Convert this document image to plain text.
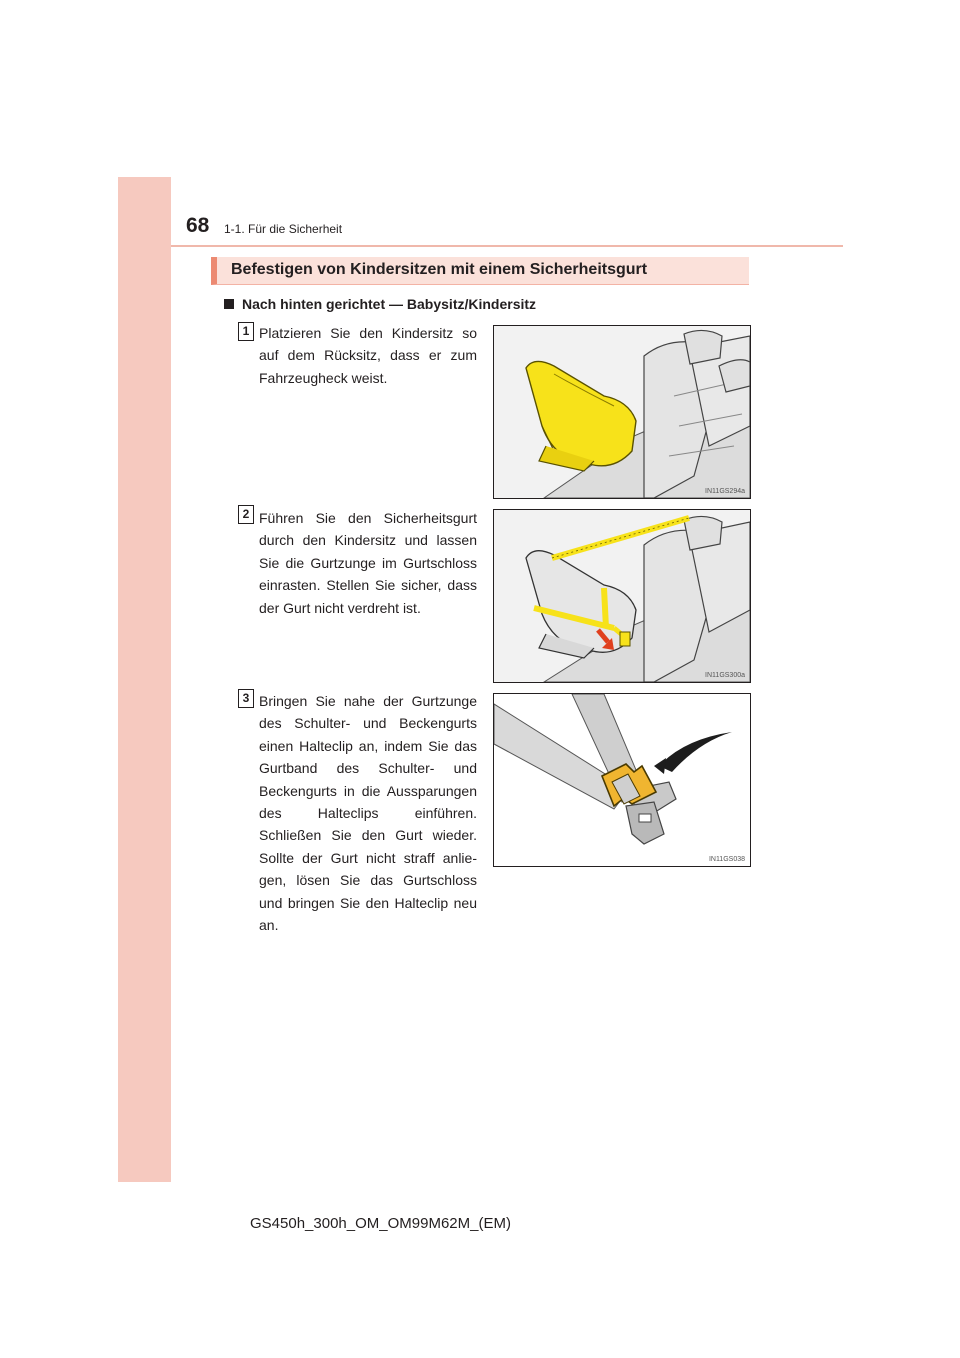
68 1-1. Für die Sicherheit
Befestigen von Kindersitzen mit einem Sicherheitsgurt
Nach hinten gerichtet — Babysitz/Kindersitz
1 Platzieren Sie den Kindersitz so auf dem Rücksitz, dass er zum Fahrzeugheck weist.
IN11GS294a
2 Führen Sie den Sicherheitsgurt durch den Kindersitz und lassen Sie die Gurtzunge im Gurtschloss einrasten. Stellen Sie sicher, dass der Gurt nicht verdreht ist.
IN11GS300a
3 Bringen Sie nahe der Gurtzunge des Schulter- und Beckengurts einen Halteclip an, indem Sie das Gurtband des Schulter- und Beckengurts in die Aussparungen des Halteclips einführen. Schließen Sie den Gurt wieder. Sollte der Gurt nicht straff anliegen, lösen Sie das Gurtschloss und bringen Sie den Halteclip neu an.
IN11GS038
GS450h_300h_OM_OM99M62M_(EM)
